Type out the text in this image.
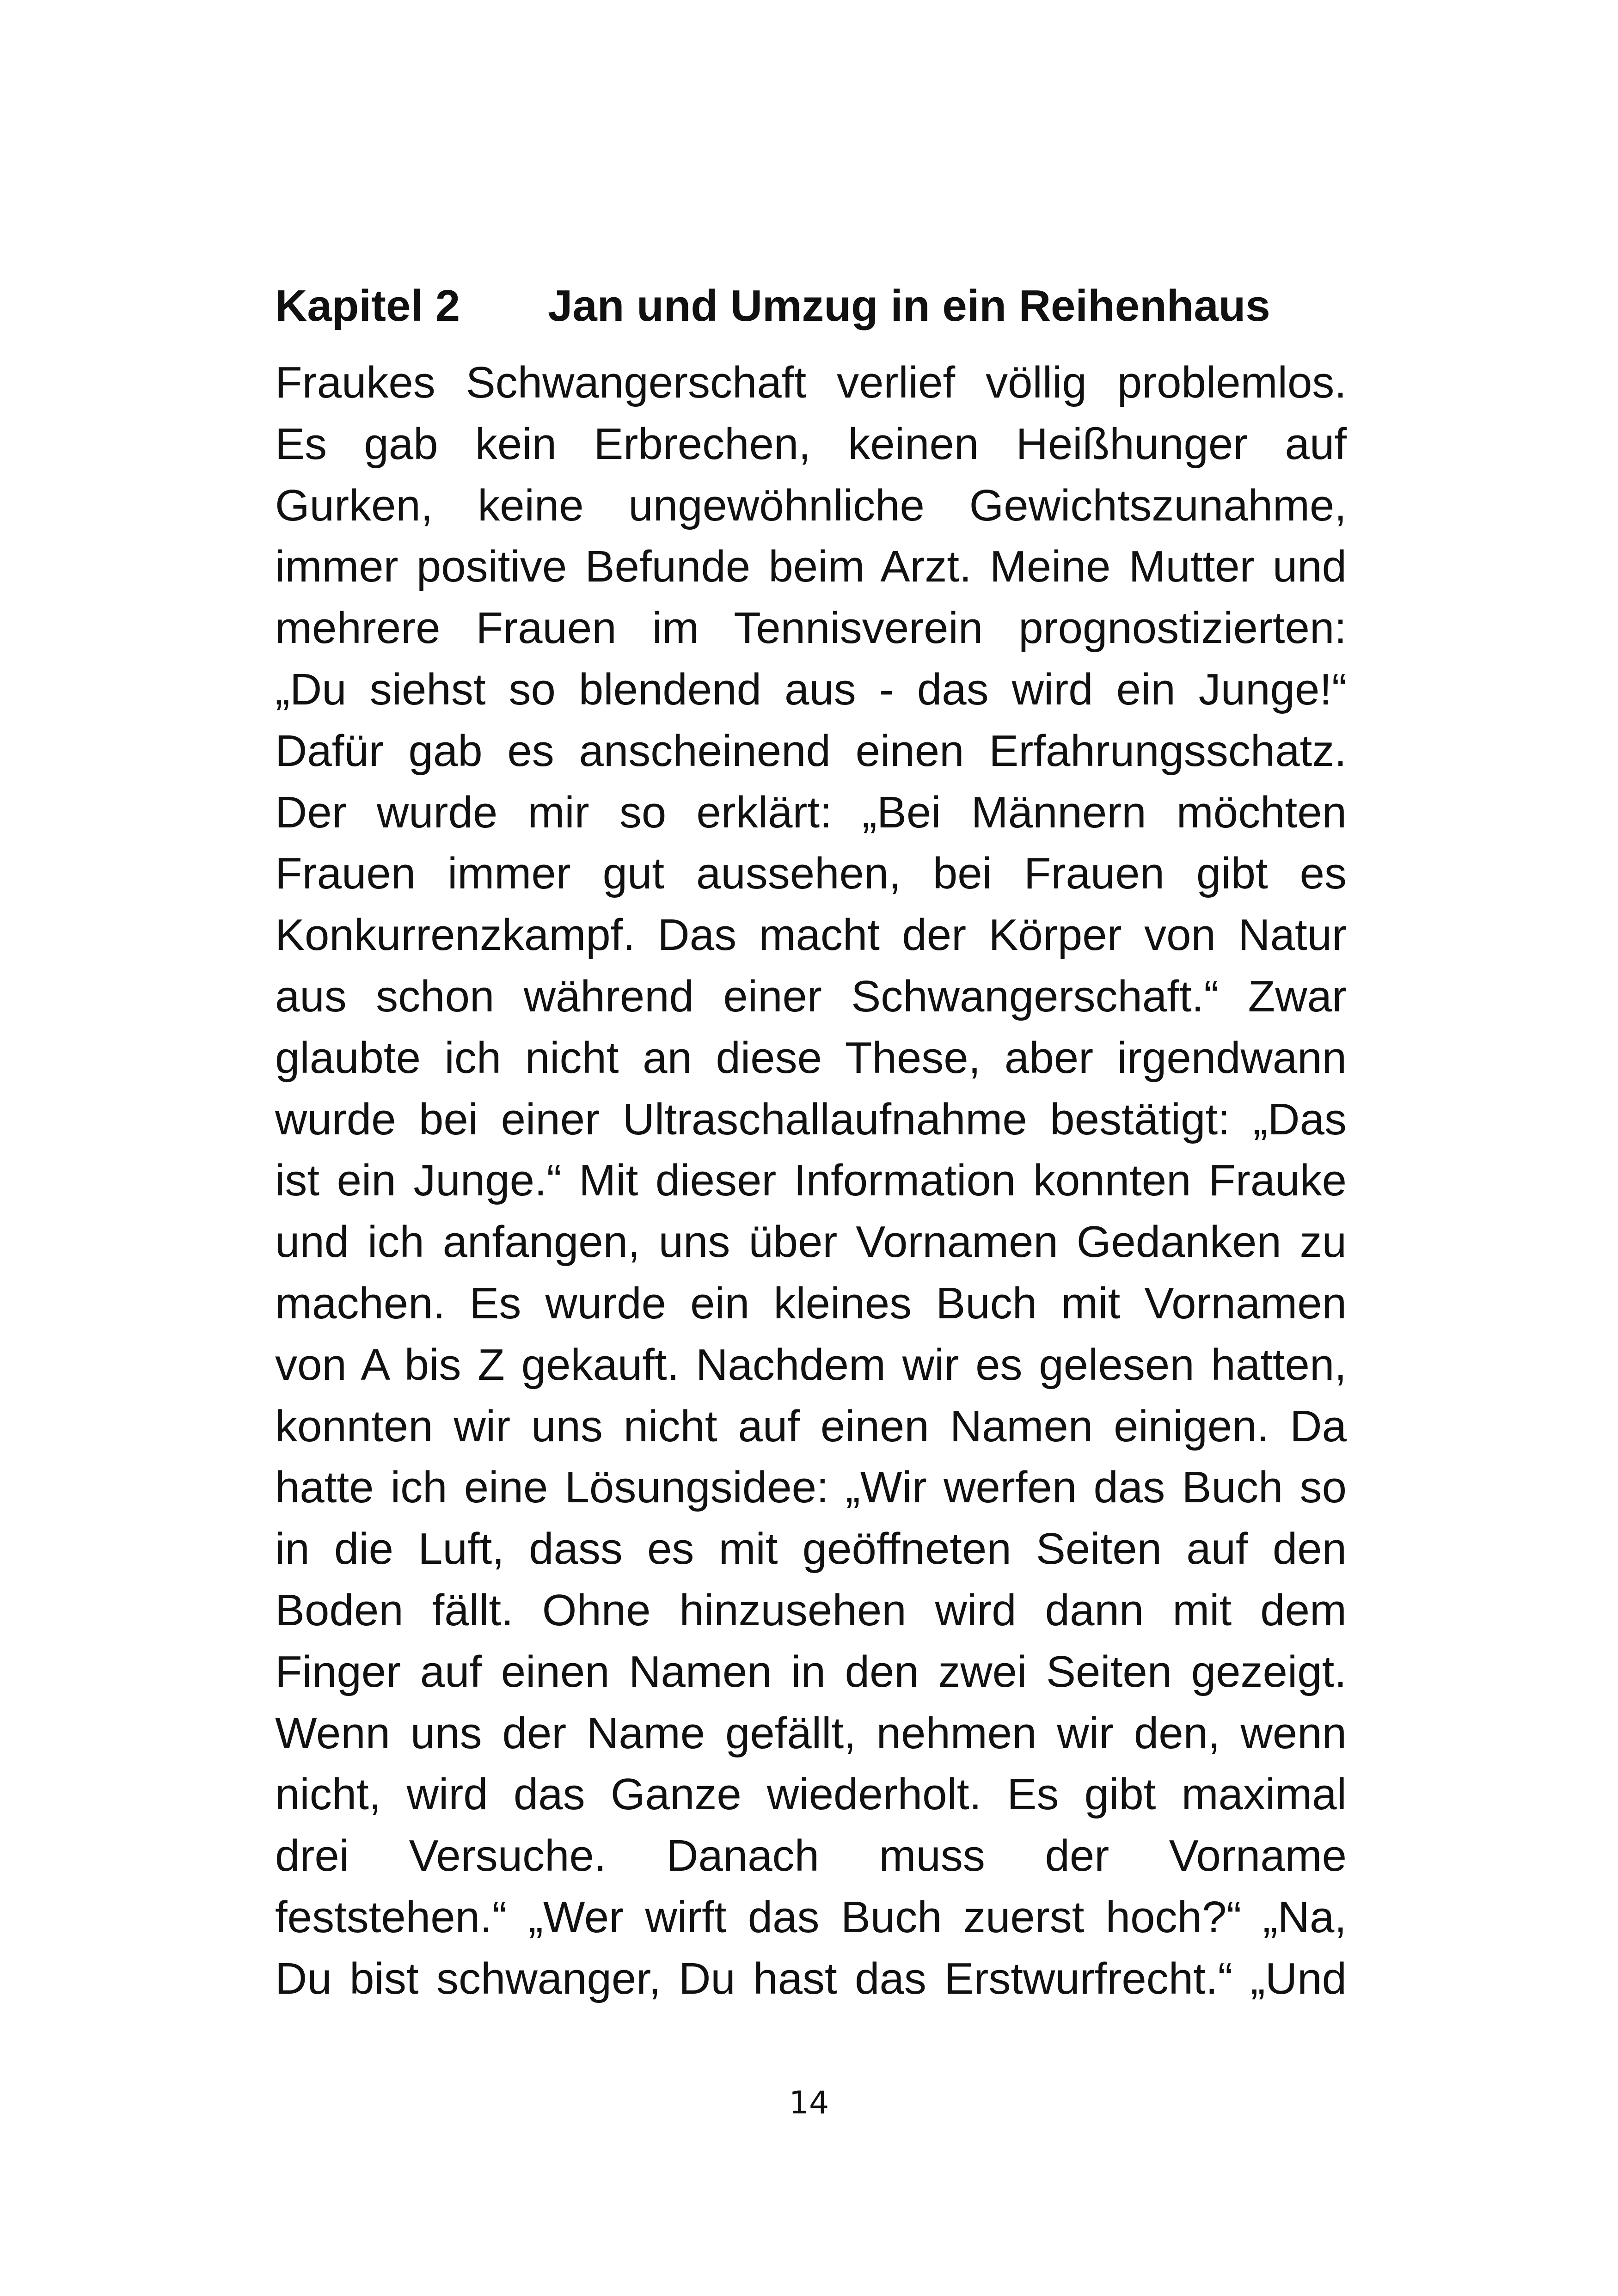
Kapitel 2 Jan und Umzug in ein Reihenhaus

Fraukes Schwangerschaft verlief völlig problemlos.
Es gab kein Erbrechen, keinen Heißhunger auf
Gurken, keine ungewöhnliche Gewichtszunahme,
immer positive Befunde beim Arzt. Meine Mutter und
mehrere Frauen im Tennisverein prognostizierten:
„Du siehst so blendend aus - das wird ein Junge!“
Dafür gab es anscheinend einen Erfahrungsschatz.
Der wurde mir so erklärt: „Bei Männern möchten
Frauen immer gut aussehen, bei Frauen gibt es
Konkurrenzkampf. Das macht der Körper von Natur
aus schon während einer Schwangerschaft.“ Zwar
glaubte ich nicht an diese These, aber irgendwann
wurde bei einer Ultraschallaufnahme bestätigt: „Das
ist ein Junge.“ Mit dieser Information konnten Frauke
und ich anfangen, uns über Vornamen Gedanken zu
machen. Es wurde ein kleines Buch mit Vornamen
von A bis Z gekauft. Nachdem wir es gelesen hatten,
konnten wir uns nicht auf einen Namen einigen. Da
hatte ich eine Lösungsidee: „Wir werfen das Buch so
in die Luft, dass es mit geöffneten Seiten auf den
Boden fällt. Ohne hinzusehen wird dann mit dem
Finger auf einen Namen in den zwei Seiten gezeigt.
Wenn uns der Name gefällt, nehmen wir den, wenn
nicht, wird das Ganze wiederholt. Es gibt maximal
drei Versuche. Danach muss der Vorname
feststehen.“ „Wer wirft das Buch zuerst hoch?“ „Na,
Du bist schwanger, Du hast das Erstwurfrecht.“ „Und

14
